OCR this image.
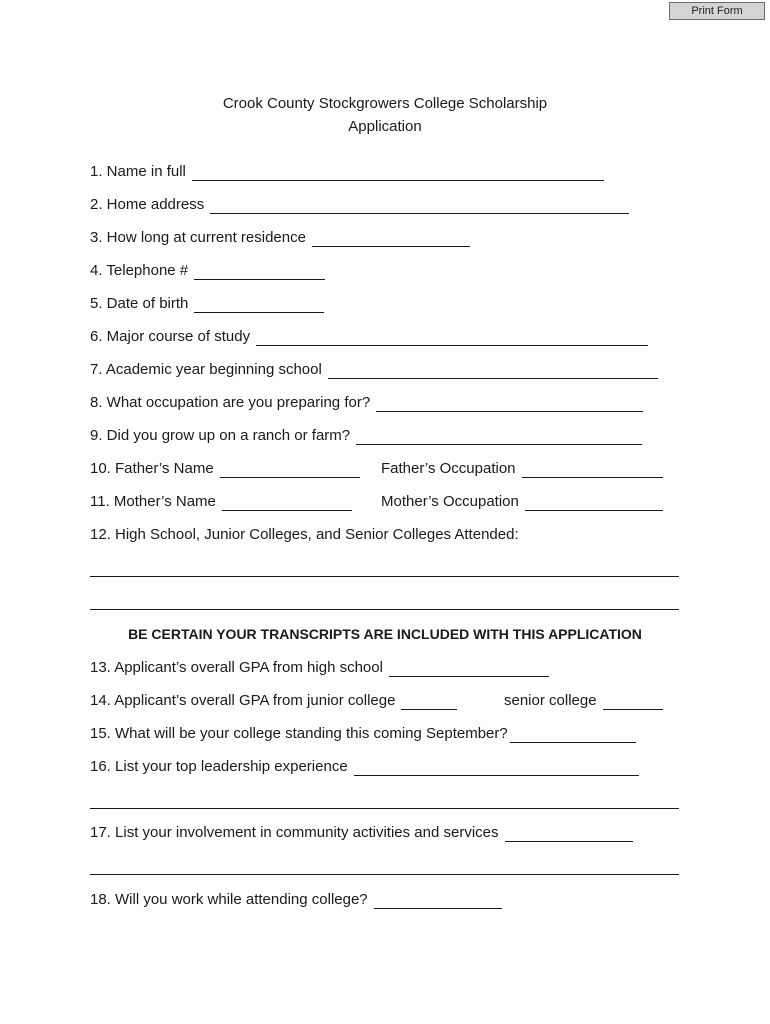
Print Form
Crook County Stockgrowers College Scholarship
Application
1. Name in full
2. Home address
3. How long at current residence
4. Telephone #
5. Date of birth
6. Major course of study
7. Academic year beginning school
8. What occupation are you preparing for?
9. Did you grow up on a ranch or farm?
10. Father’s Name	Father’s Occupation
11. Mother’s Name	Mother’s Occupation
12. High School, Junior Colleges, and Senior Colleges Attended:
BE CERTAIN YOUR TRANSCRIPTS ARE INCLUDED WITH THIS APPLICATION
13. Applicant’s overall GPA from high school
14. Applicant’s overall GPA from junior college	senior college
15. What will be your college standing this coming September?
16. List your top leadership experience
17. List your involvement in community activities and services
18. Will you work while attending college?
